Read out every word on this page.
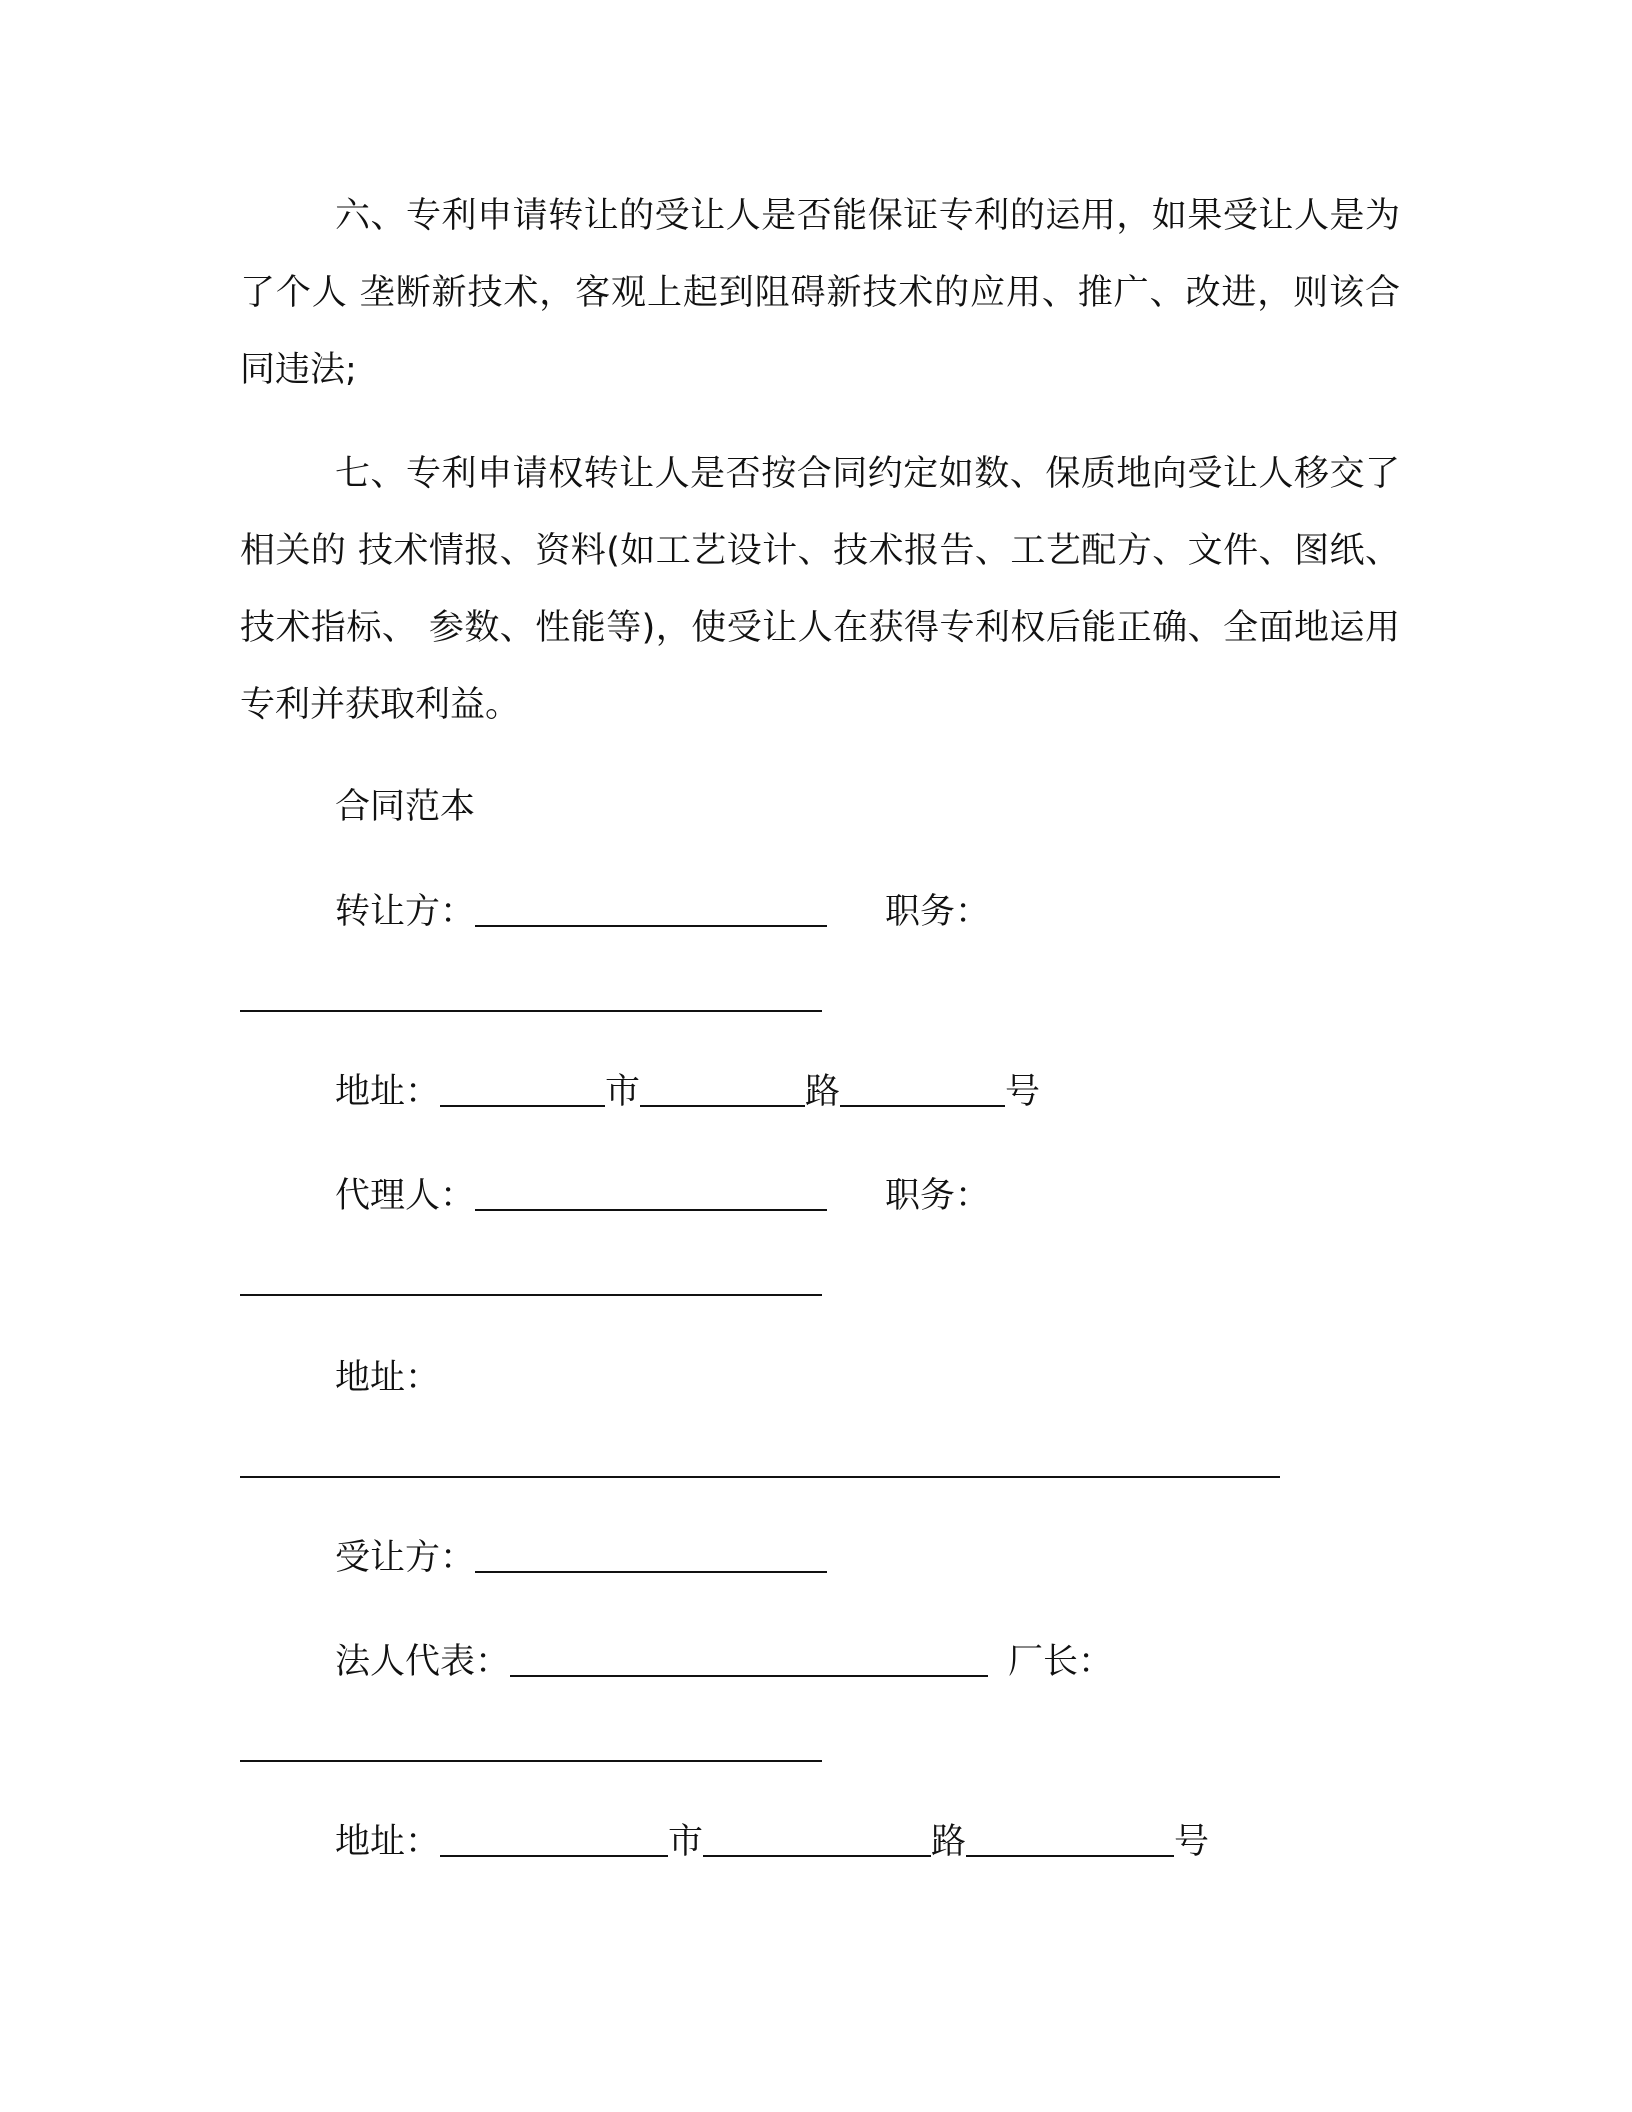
六、专利申请转让的受让人是否能保证专利的运用，如果受让人是为了个人 垄断新技术，客观上起到阻碍新技术的应用、推广、改进，则该合同违法;

七、专利申请权转让人是否按合同约定如数、保质地向受让人移交了相关的 技术情报、资料(如工艺设计、技术报告、工艺配方、文件、图纸、技术指标、 参数、性能等)，使受让人在获得专利权后能正确、全面地运用专利并获取利益。

合同范本
转让方：	职务：
地址：	市	路	号
代理人：	职务：
地址：
受让方：
法人代表：	厂长：
地址：	市	路	号
